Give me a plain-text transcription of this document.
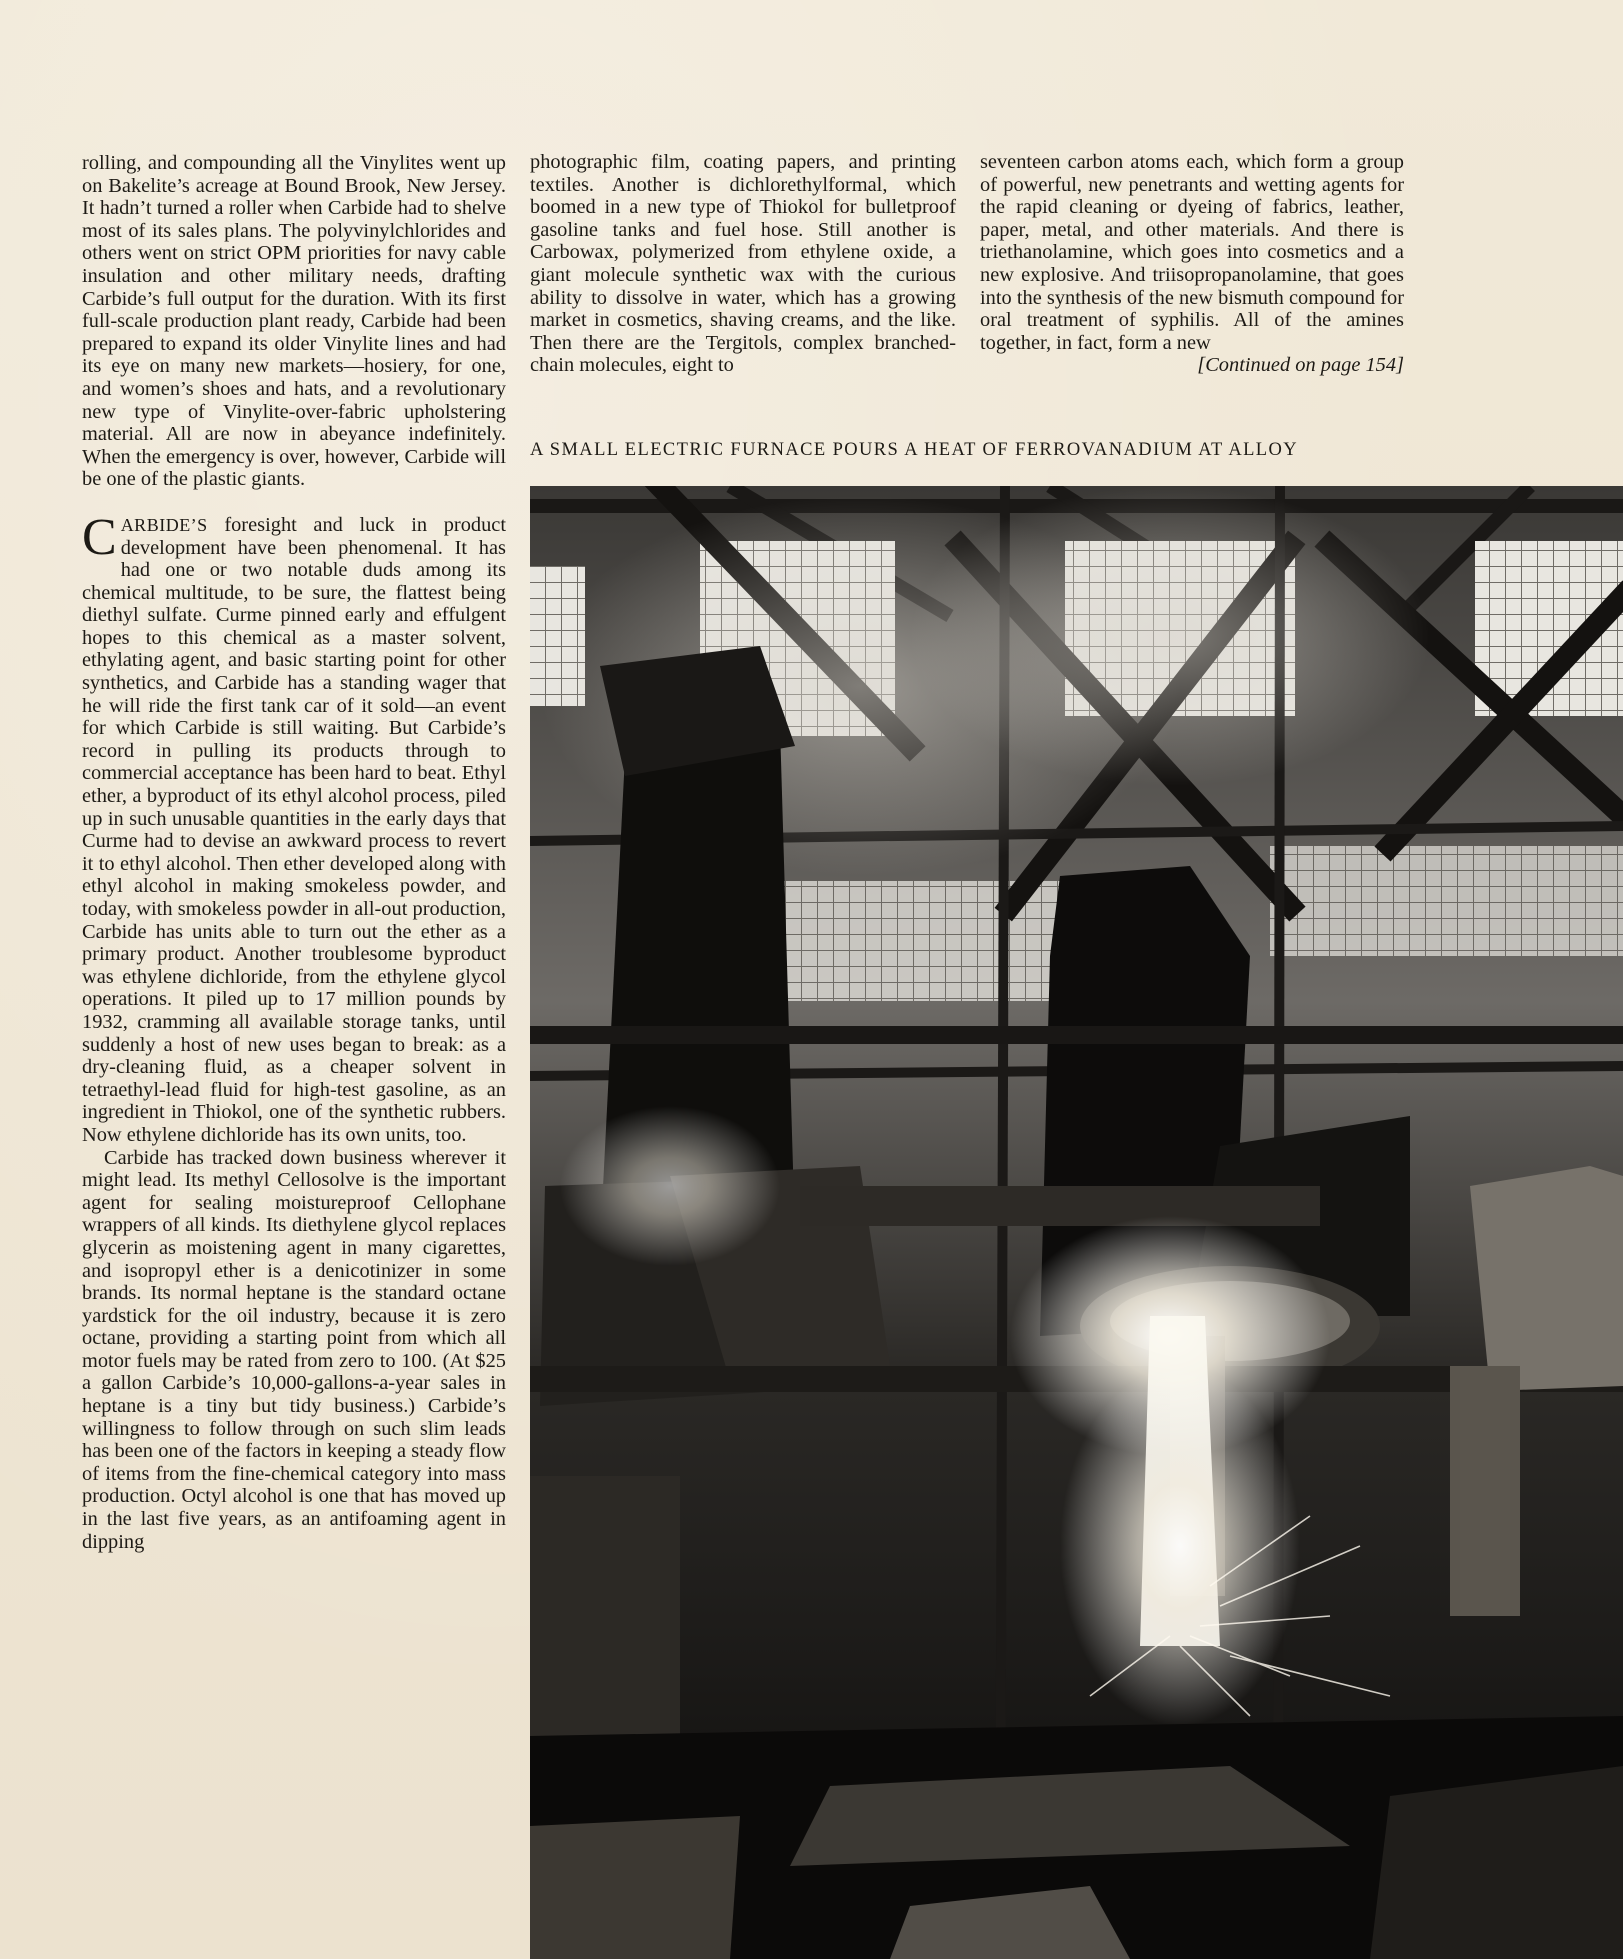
rolling, and compounding all the Vinylites went up on Bakelite’s acreage at Bound Brook, New Jersey. It hadn’t turned a roller when Carbide had to shelve most of its sales plans. The polyvinylchlorides and others went on strict OPM priorities for navy cable insulation and other military needs, drafting Carbide’s full output for the duration. With its first full-scale production plant ready, Carbide had been prepared to expand its older Vinylite lines and had its eye on many new markets—hosiery, for one, and women’s shoes and hats, and a revolutionary new type of Vinylite-over-fabric upholstering material. All are now in abeyance indefinitely. When the emergency is over, however, Carbide will be one of the plastic giants.

CARBIDE’S foresight and luck in product development have been phenomenal. It has had one or two notable duds among its chemical multitude, to be sure, the flattest being diethyl sulfate. Curme pinned early and effulgent hopes to this chemical as a master solvent, ethylating agent, and basic starting point for other synthetics, and Carbide has a standing wager that he will ride the first tank car of it sold—an event for which Carbide is still waiting. But Carbide’s record in pulling its products through to commercial acceptance has been hard to beat. Ethyl ether, a byproduct of its ethyl alcohol process, piled up in such unusable quantities in the early days that Curme had to devise an awkward process to revert it to ethyl alcohol. Then ether developed along with ethyl alcohol in making smokeless powder, and today, with smokeless powder in all-out production, Carbide has units able to turn out the ether as a primary product. Another troublesome byproduct was ethylene dichloride, from the ethylene glycol operations. It piled up to 17 million pounds by 1932, cramming all available storage tanks, until suddenly a host of new uses began to break: as a dry-cleaning fluid, as a cheaper solvent in tetraethyl-lead fluid for high-test gasoline, as an ingredient in Thiokol, one of the synthetic rubbers. Now ethylene dichloride has its own units, too.

Carbide has tracked down business wherever it might lead. Its methyl Cellosolve is the important agent for sealing moistureproof Cellophane wrappers of all kinds. Its diethylene glycol replaces glycerin as moistening agent in many cigarettes, and isopropyl ether is a denicotinizer in some brands. Its normal heptane is the standard octane yardstick for the oil industry, because it is zero octane, providing a starting point from which all motor fuels may be rated from zero to 100. (At $25 a gallon Carbide’s 10,000-gallons-a-year sales in heptane is a tiny but tidy business.) Carbide’s willingness to follow through on such slim leads has been one of the factors in keeping a steady flow of items from the fine-chemical category into mass production. Octyl alcohol is one that has moved up in the last five years, as an antifoaming agent in dipping

photographic film, coating papers, and printing textiles. Another is dichlorethylformal, which boomed in a new type of Thiokol for bulletproof gasoline tanks and fuel hose. Still another is Carbowax, polymerized from ethylene oxide, a giant molecule synthetic wax with the curious ability to dissolve in water, which has a growing market in cosmetics, shaving creams, and the like. Then there are the Tergitols, complex branched-chain molecules, eight to

seventeen carbon atoms each, which form a group of powerful, new penetrants and wetting agents for the rapid cleaning or dyeing of fabrics, leather, paper, metal, and other materials. And there is triethanolamine, which goes into cosmetics and a new explosive. And triisopropanolamine, that goes into the synthesis of the new bismuth compound for oral treatment of syphilis. All of the amines together, in fact, form a new

[Continued on page 154]

A SMALL ELECTRIC FURNACE POURS A HEAT OF FERROVANADIUM AT ALLOY
